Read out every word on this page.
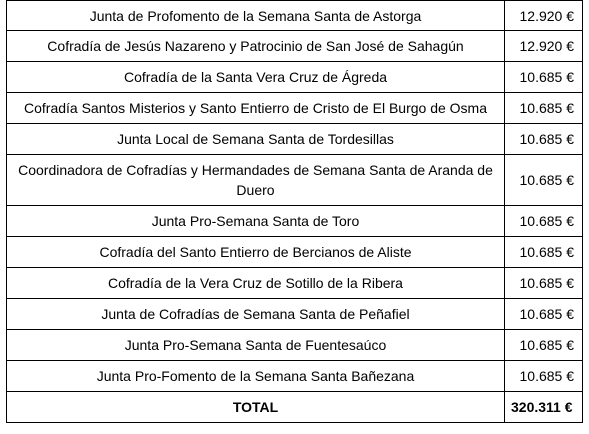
Junta de Profomento de la Semana Santa de Astorga	12.920 €
Cofradía de Jesús Nazareno y Patrocinio de San José de Sahagún	12.920 €
Cofradía de la Santa Vera Cruz de Ágreda	10.685 €
Cofradía Santos Misterios y Santo Entierro de Cristo de El Burgo de Osma	10.685 €
Junta Local de Semana Santa de Tordesillas	10.685 €
Coordinadora de Cofradías y Hermandades de Semana Santa de Aranda de Duero	10.685 €
Junta Pro-Semana Santa de Toro	10.685 €
Cofradía del Santo Entierro de Bercianos de Aliste	10.685 €
Cofradía de la Vera Cruz de Sotillo de la Ribera	10.685 €
Junta de Cofradías de Semana Santa de Peñafiel	10.685 €
Junta Pro-Semana Santa de Fuentesaúco	10.685 €
Junta Pro-Fomento de la Semana Santa Bañezana	10.685 €
TOTAL	320.311 €
